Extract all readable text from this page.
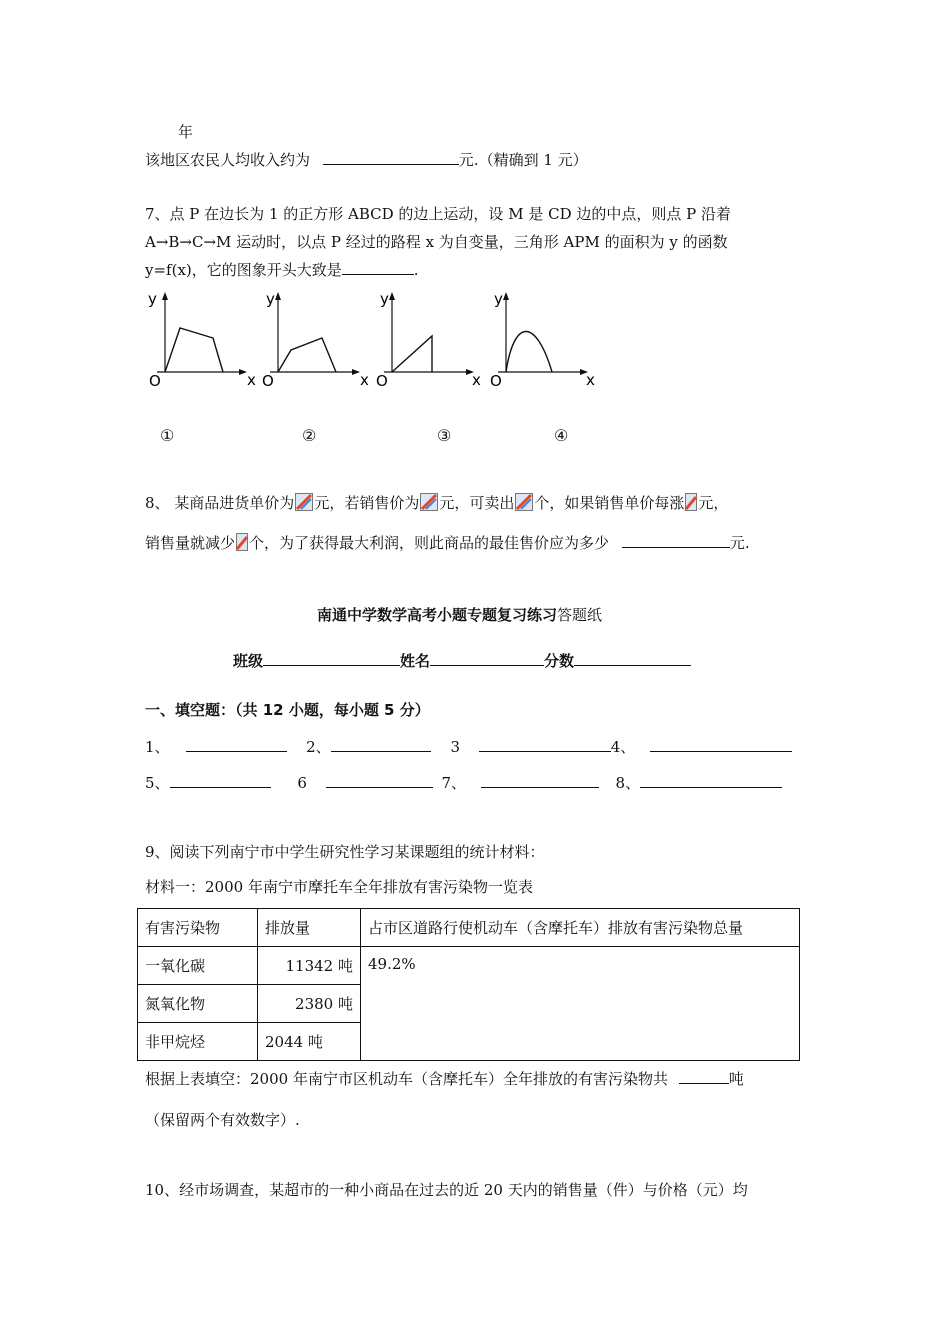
年
该地区农民人均收入约为	元.（精确到 1 元）
7、点 P 在边长为 1 的正方形 ABCD 的边上运动，设 M 是 CD 边的中点，则点 P 沿着
A→B→C→M 运动时，以点 P 经过的路程 x 为自变量，三角形 APM 的面积为 y 的函数
y=f(x)，它的图象开头大致是	.
y
x
O
y
x
O
y
x
O
y
x
O
①	②	③	④
8、 某商品进货单价为 元，若销售价为 元，可卖出 个，如果销售单价每涨 元，
销售量就减少 个，为了获得最大利润，则此商品的最佳售价应为多少	元.
南通中学数学高考小题专题复习练习答题纸
班级	姓名	分数
一、填空题：（共 12 小题，每小题 5 分）
1、	2、	3	4、
5、	6	7、	8、
9、阅读下列南宁市中学生研究性学习某课题组的统计材料：
材料一：2000 年南宁市摩托车全年排放有害污染物一览表
有害污染物	排放量	占市区道路行使机动车（含摩托车）排放有害污染物总量
一氧化碳	11342 吨	49.2%
氮氧化物	2380 吨	
非甲烷烃	2044 吨	
根据上表填空：2000 年南宁市区机动车（含摩托车）全年排放的有害污染物共	吨
（保留两个有效数字）.
10、经市场调查，某超市的一种小商品在过去的近 20 天内的销售量（件）与价格（元）均
